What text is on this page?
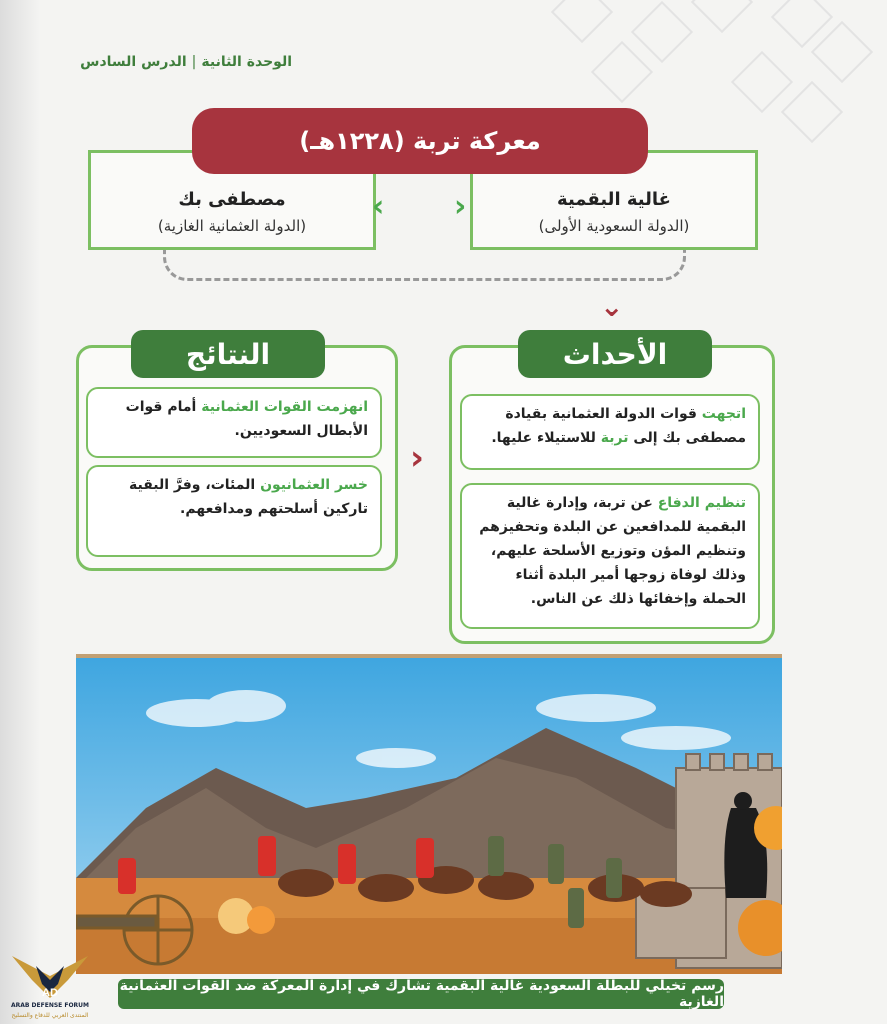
الوحدة الثانية|الدرس السادس
غالية البقمية
(الدولة السعودية الأولى)
مصطفى بك
(الدولة العثمانية الغازية)
‹
›
معركة تربة (١٢٢٨هـ)
⌄
الأحداث
اتجهت قوات الدولة العثمانية بقيادة مصطفى بك إلى تربة للاستيلاء عليها.
تنظيم الدفاع عن تربة، وإدارة غالية البقمية للمدافعين عن البلدة وتحفيزهم وتنظيم المؤن وتوزيع الأسلحة عليهم، وذلك لوفاة زوجها أمير البلدة أثناء الحملة وإخفائها ذلك عن الناس.
‹
النتائج
انهزمت القوات العثمانية أمام قوات الأبطال السعوديين.
خسر العثمانيون المئات، وفرَّ البقية تاركين أسلحتهم ومدافعهم.
رسم تخيلي للبطلة السعودية غالية البقمية تشارك في إدارة المعركة ضد القوات العثمانية الغازية
AD
ARAB DEFENSE FORUM
المنتدى العربي للدفاع والتسليح
